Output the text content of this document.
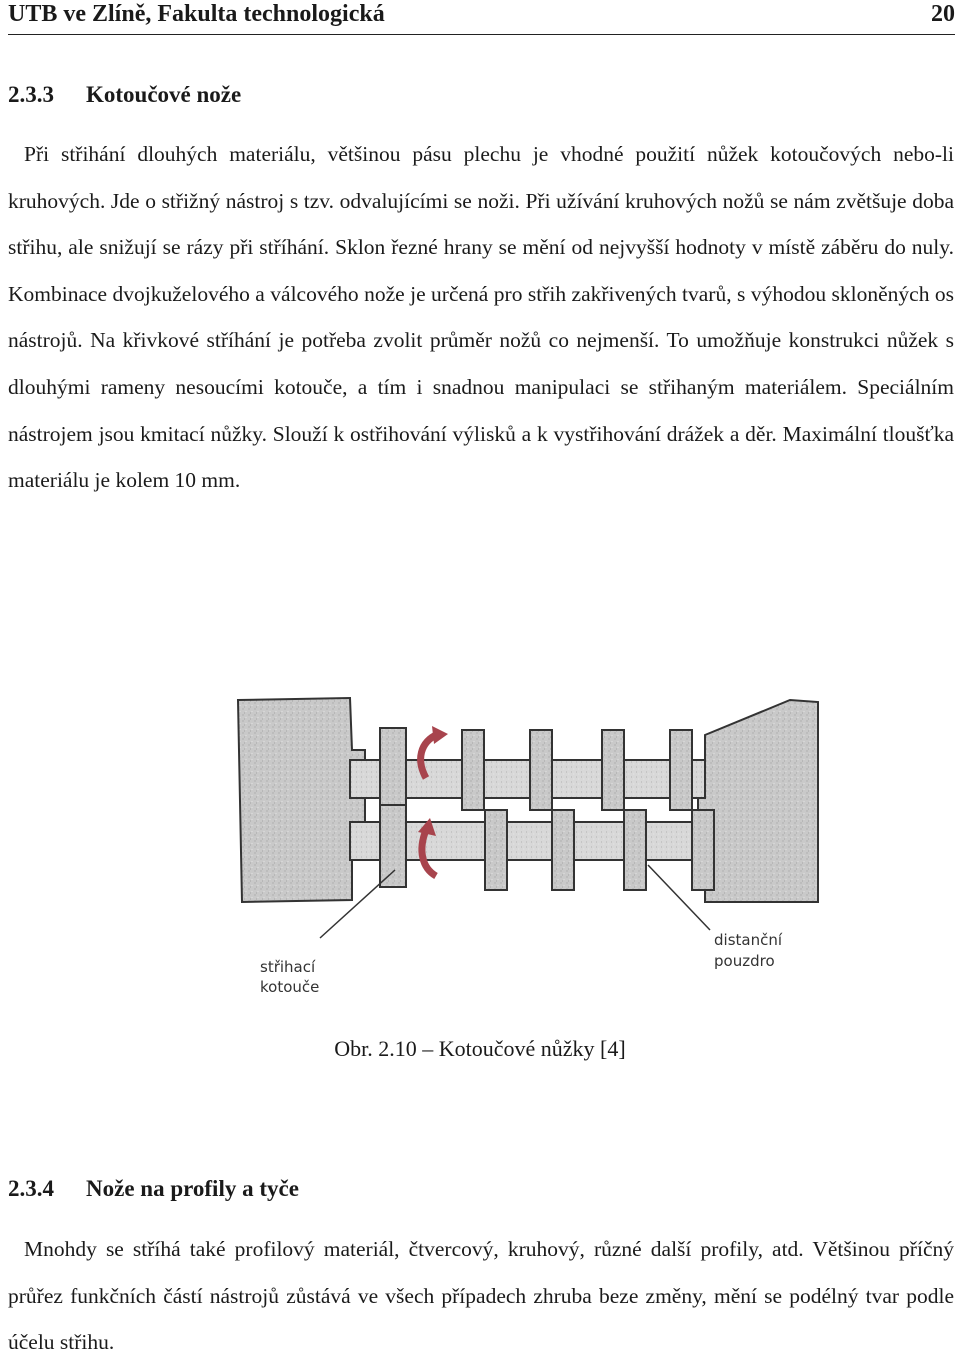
UTB ve Zlíně, Fakulta technologická	20
2.3.3 Kotoučové nože

Při střihání dlouhých materiálu, většinou pásu plechu je vhodné použití nůžek kotoučových nebo-li kruhových. Jde o střižný nástroj s tzv. odvalujícími se noži. Při užívání kruhových nožů se nám zvětšuje doba střihu, ale snižují se rázy při stříhání. Sklon řezné hrany se mění od nejvyšší hodnoty v místě záběru do nuly. Kombinace dvojkuželového a válcového nože je určená pro střih zakřivených tvarů, s výhodou skloněných os nástrojů. Na křivkové stříhání je potřeba zvolit průměr nožů co nejmenší. To umožňuje konstrukci nůžek s dlouhými rameny nesoucími kotouče, a tím i snadnou manipulaci se střihaným materiálem. Speciálním nástrojem jsou kmitací nůžky. Slouží k ostřihování výlisků a k vystřihování drážek a děr. Maximální tloušťka materiálu je kolem 10 mm.

střihací
kotouče
distanční
pouzdro
Obr. 2.10 – Kotoučové nůžky [4]
2.3.4 Nože na profily a tyče

Mnohdy se stříhá také profilový materiál, čtvercový, kruhový, různé další profily, atd. Většinou příčný průřez funkčních částí nástrojů zůstává ve všech případech zhruba beze změny, mění se podélný tvar podle účelu střihu.
